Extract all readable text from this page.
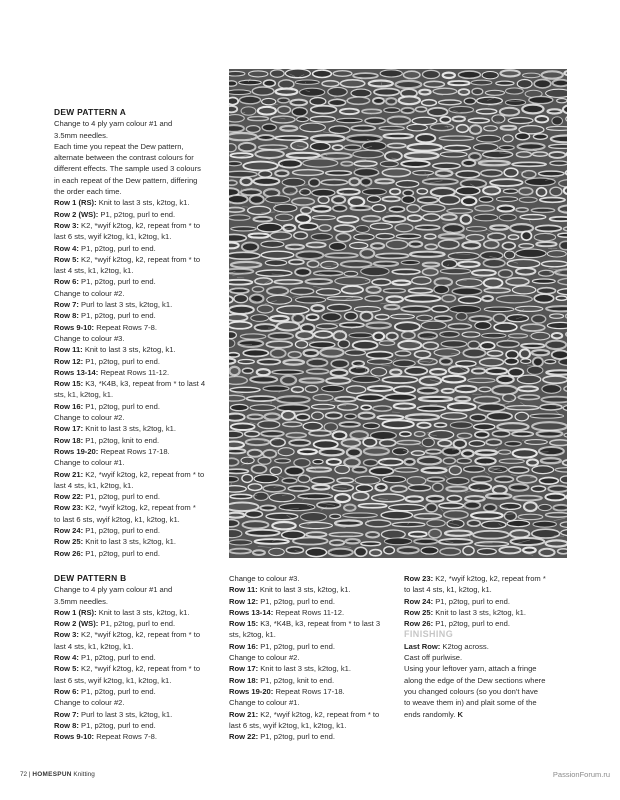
DEW PATTERN A

Change to 4 ply yarn colour #1 and

3.5mm needles.

Each time you repeat the Dew pattern,

alternate between the contrast colours for

different effects. The sample used 3 colours

in each repeat of the Dew pattern, differing

the order each time.

Row 1 (RS): Knit to last 3 sts, k2tog, k1.

Row 2 (WS): P1, p2tog, purl to end.

Row 3: K2, *wyif k2tog, k2, repeat from * to

last 6 sts, wyif k2tog, k1, k2tog, k1.

Row 4: P1, p2tog, purl to end.

Row 5: K2, *wyif k2tog, k2, repeat from * to

last 4 sts, k1, k2tog, k1.

Row 6: P1, p2tog, purl to end.

Change to colour #2.

Row 7: Purl to last 3 sts, k2tog, k1.

Row 8: P1, p2tog, purl to end.

Rows 9-10: Repeat Rows 7-8.

Change to colour #3.

Row 11: Knit to last 3 sts, k2tog, k1.

Row 12: P1, p2tog, purl to end.

Rows 13-14: Repeat Rows 11-12.

Row 15: K3, *K4B, k3, repeat from * to last 4

sts, k1, k2tog, k1.

Row 16: P1, p2tog, purl to end.

Change to colour #2.

Row 17: Knit to last 3 sts, k2tog, k1.

Row 18: P1, p2tog, knit to end.

Rows 19-20: Repeat Rows 17-18.

Change to colour #1.

Row 21: K2, *wyif k2tog, k2, repeat from * to

last 4 sts, k1, k2tog, k1.

Row 22: P1, p2tog, purl to end.

Row 23: K2, *wyif k2tog, k2, repeat from *

to last 6 sts, wyif k2tog, k1, k2tog, k1.

Row 24: P1, p2tog, purl to end.

Row 25: Knit to last 3 sts, k2tog, k1.

Row 26: P1, p2tog, purl to end.

DEW PATTERN B

Change to 4 ply yarn colour #1 and

3.5mm needles.

Row 1 (RS): Knit to last 3 sts, k2tog, k1.

Row 2 (WS): P1, p2tog, purl to end.

Row 3: K2, *wyif k2tog, k2, repeat from * to

last 4 sts, k1, k2tog, k1.

Row 4: P1, p2tog, purl to end.

Row 5: K2, *wyif k2tog, k2, repeat from * to

last 6 sts, wyif k2tog, k1, k2tog, k1.

Row 6: P1, p2tog, purl to end.

Change to colour #2.

Row 7: Purl to last 3 sts, k2tog, k1.

Row 8: P1, p2tog, purl to end.

Rows 9-10: Repeat Rows 7-8.

Change to colour #3.

Row 11: Knit to last 3 sts, k2tog, k1.

Row 12: P1, p2tog, purl to end.

Rows 13-14: Repeat Rows 11-12.

Row 15: K3, *K4B, k3, repeat from * to last 3

sts, k2tog, k1.

Row 16: P1, p2tog, purl to end.

Change to colour #2.

Row 17: Knit to last 3 sts, k2tog, k1.

Row 18: P1, p2tog, knit to end.

Rows 19-20: Repeat Rows 17-18.

Change to colour #1.

Row 21: K2, *wyif k2tog, k2, repeat from * to

last 6 sts, wyif k2tog, k1, k2tog, k1.

Row 22: P1, p2tog, purl to end.

Row 23: K2, *wyif k2tog, k2, repeat from *

to last 4 sts, k1, k2tog, k1.

Row 24: P1, p2tog, purl to end.

Row 25: Knit to last 3 sts, k2tog, k1.

Row 26: P1, p2tog, purl to end.

FINISHING

Last Row: K2tog across.

Cast off purlwise.

Using your leftover yarn, attach a fringe

along the edge of the Dew sections where

you changed colours (so you don't have

to weave them in) and plait some of the

ends randomly. K

72 | HOMESPUN Knitting	PassionForum.ru
